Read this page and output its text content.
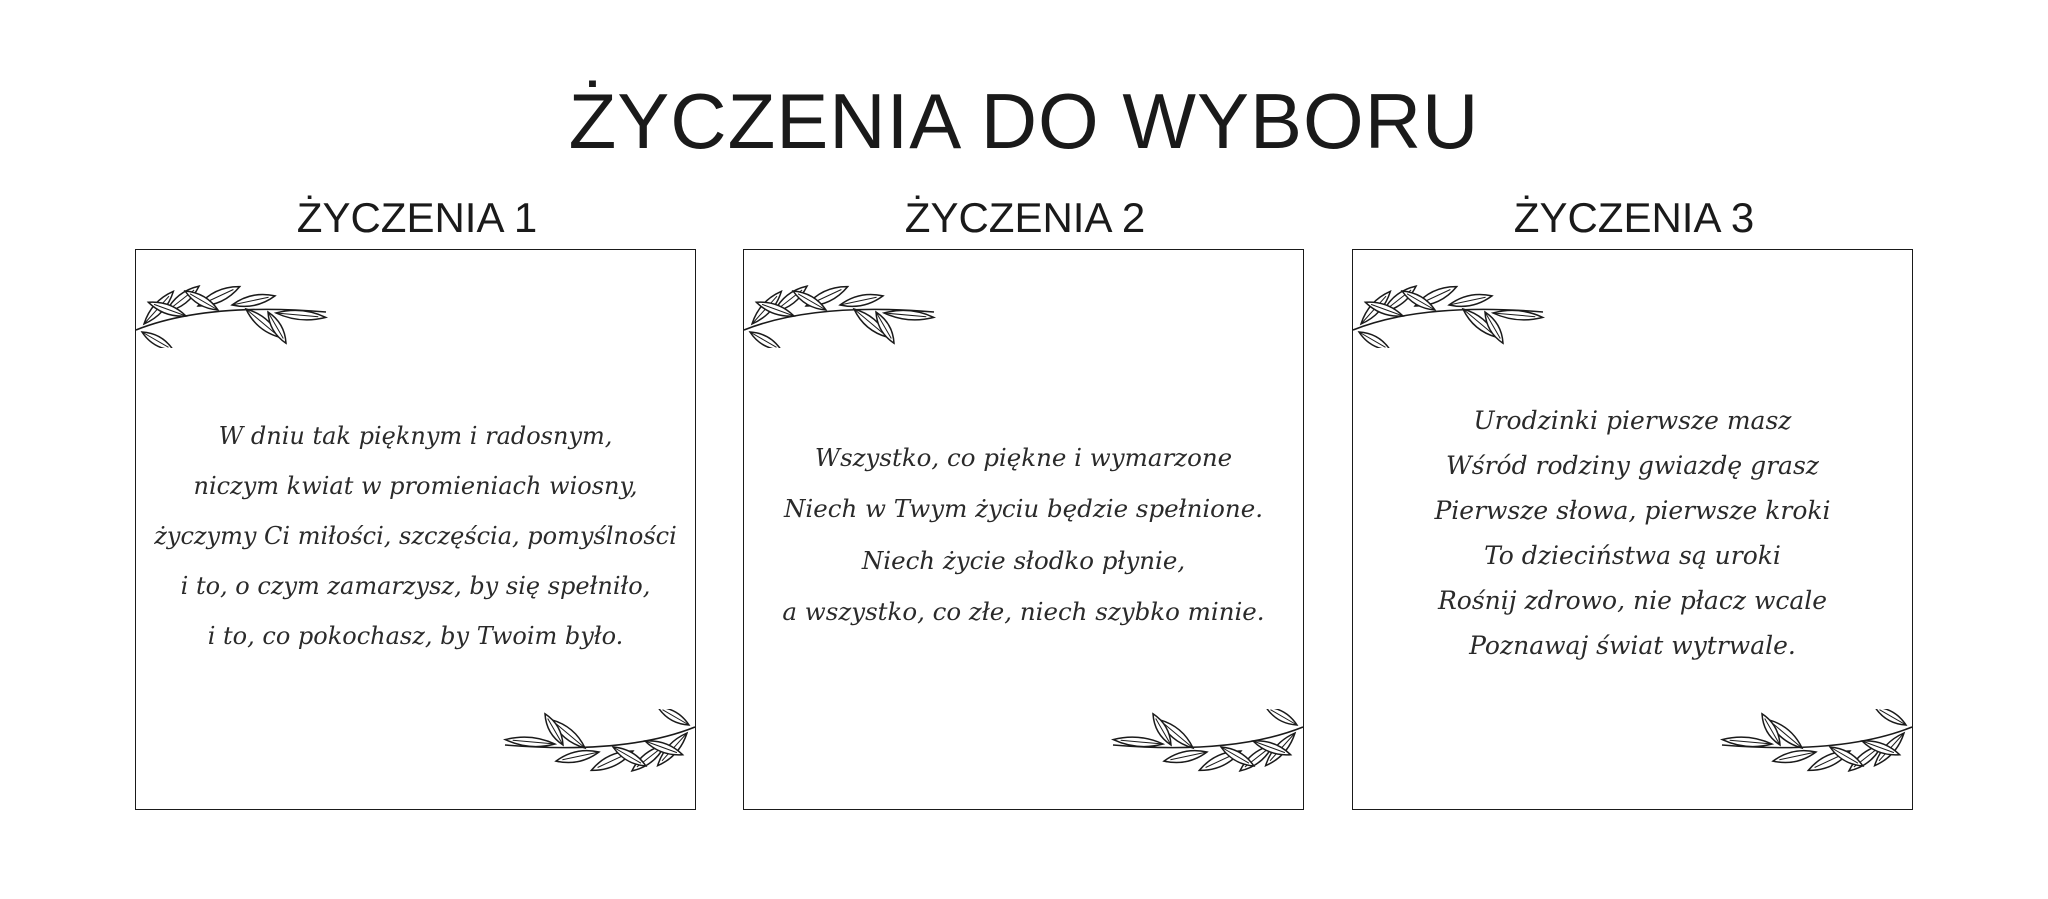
ŻYCZENIA DO WYBORU
ŻYCZENIA 1
W dniu tak pięknym i radosnym,
niczym kwiat w promieniach wiosny,
życzymy Ci miłości, szczęścia, pomyślności
i to, o czym zamarzysz, by się spełniło,
i to, co pokochasz, by Twoim było.
ŻYCZENIA 2
Wszystko, co piękne i wymarzone
Niech w Twym życiu będzie spełnione.
Niech życie słodko płynie,
a wszystko, co złe, niech szybko minie.
ŻYCZENIA 3
Urodzinki pierwsze masz
Wśród rodziny gwiazdę grasz
Pierwsze słowa, pierwsze kroki
To dzieciństwa są uroki
Rośnij zdrowo, nie płacz wcale
Poznawaj świat wytrwale.
